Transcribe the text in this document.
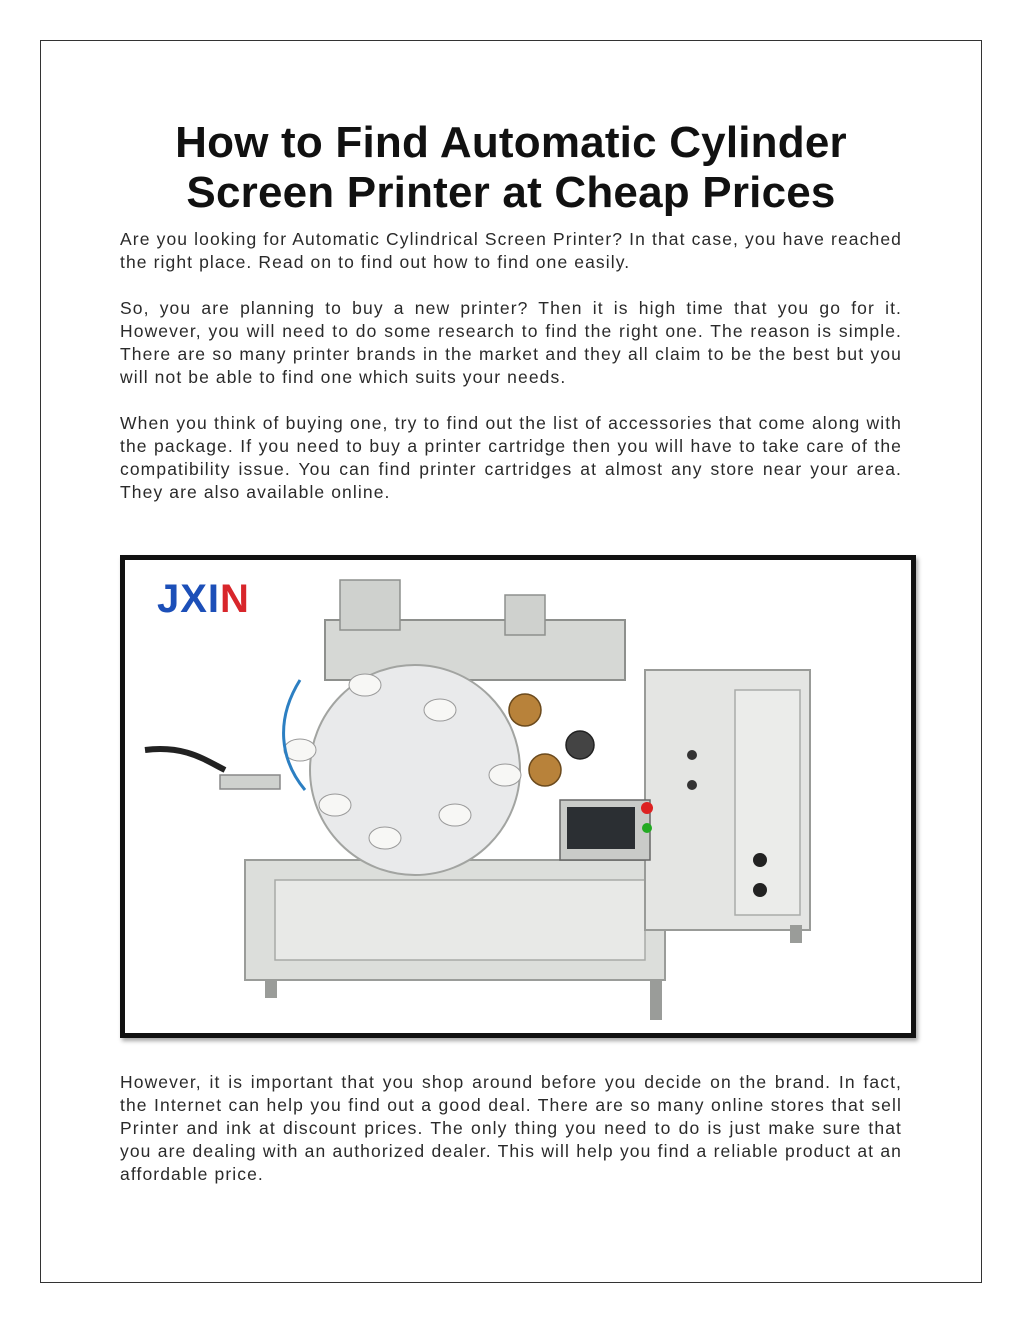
How to Find Automatic Cylinder
Screen Printer at Cheap Prices

Are you looking for Automatic Cylindrical Screen Printer? In that case, you have reached the right place. Read on to find out how to find one easily.

So, you are planning to buy a new printer? Then it is high time that you go for it. However, you will need to do some research to find the right one. The reason is simple. There are so many printer brands in the market and they all claim to be the best but you will not be able to find one which suits your needs.

When you think of buying one, try to find out the list of accessories that come along with the package. If you need to buy a printer cartridge then you will have to take care of the compatibility issue. You can find printer cartridges at almost any store near your area. They are also available online.

JXIN

However, it is important that you shop around before you decide on the brand. In fact, the Internet can help you find out a good deal. There are so many online stores that sell Printer and ink at discount prices. The only thing you need to do is just make sure that you are dealing with an authorized dealer. This will help you find a reliable product at an affordable price.
